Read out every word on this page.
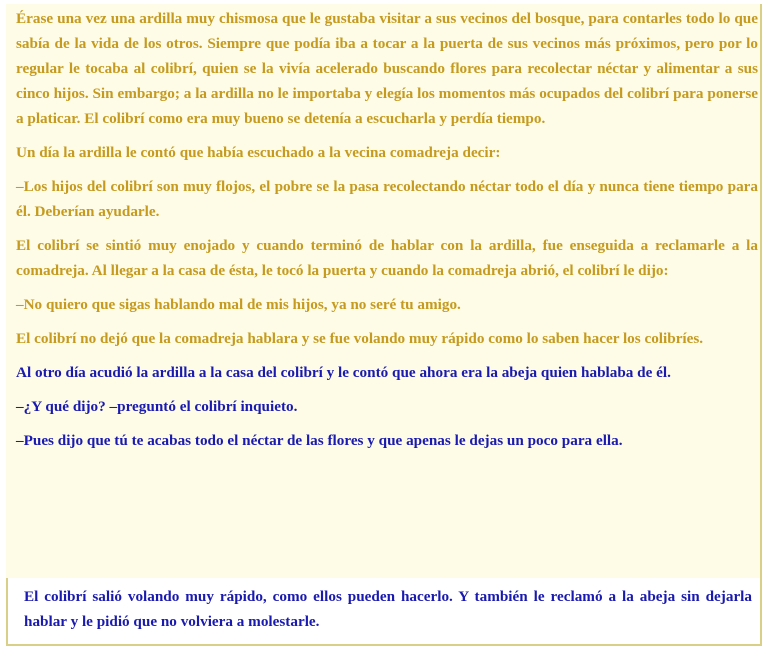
Érase una vez una ardilla muy chismosa que le gustaba visitar a sus vecinos del bosque, para contarles todo lo que sabía de la vida de los otros. Siempre que podía iba a tocar a la puerta de sus vecinos más próximos, pero por lo regular le tocaba al colibrí, quien se la vivía acelerado buscando flores para recolectar néctar y alimentar a sus cinco hijos. Sin embargo; a la ardilla no le importaba y elegía los momentos más ocupados del colibrí para ponerse a platicar. El colibrí como era muy bueno se detenía a escucharla y perdía tiempo.

Un día la ardilla le contó que había escuchado a la vecina comadreja decir:

–Los hijos del colibrí son muy flojos, el pobre se la pasa recolectando néctar todo el día y nunca tiene tiempo para él. Deberían ayudarle.

El colibrí se sintió muy enojado y cuando terminó de hablar con la ardilla, fue enseguida a reclamarle a la comadreja. Al llegar a la casa de ésta, le tocó la puerta y cuando la comadreja abrió, el colibrí le dijo:

–No quiero que sigas hablando mal de mis hijos, ya no seré tu amigo.

El colibrí no dejó que la comadreja hablara y se fue volando muy rápido como lo saben hacer los colibríes.

Al otro día acudió la ardilla a la casa del colibrí y le contó que ahora era la abeja quien hablaba de él.

–¿Y qué dijo? –preguntó el colibrí inquieto.

–Pues dijo que tú te acabas todo el néctar de las flores y que apenas le dejas un poco para ella.

El colibrí salió volando muy rápido, como ellos pueden hacerlo. Y también le reclamó a la abeja sin dejarla hablar y le pidió que no volviera a molestarle.
